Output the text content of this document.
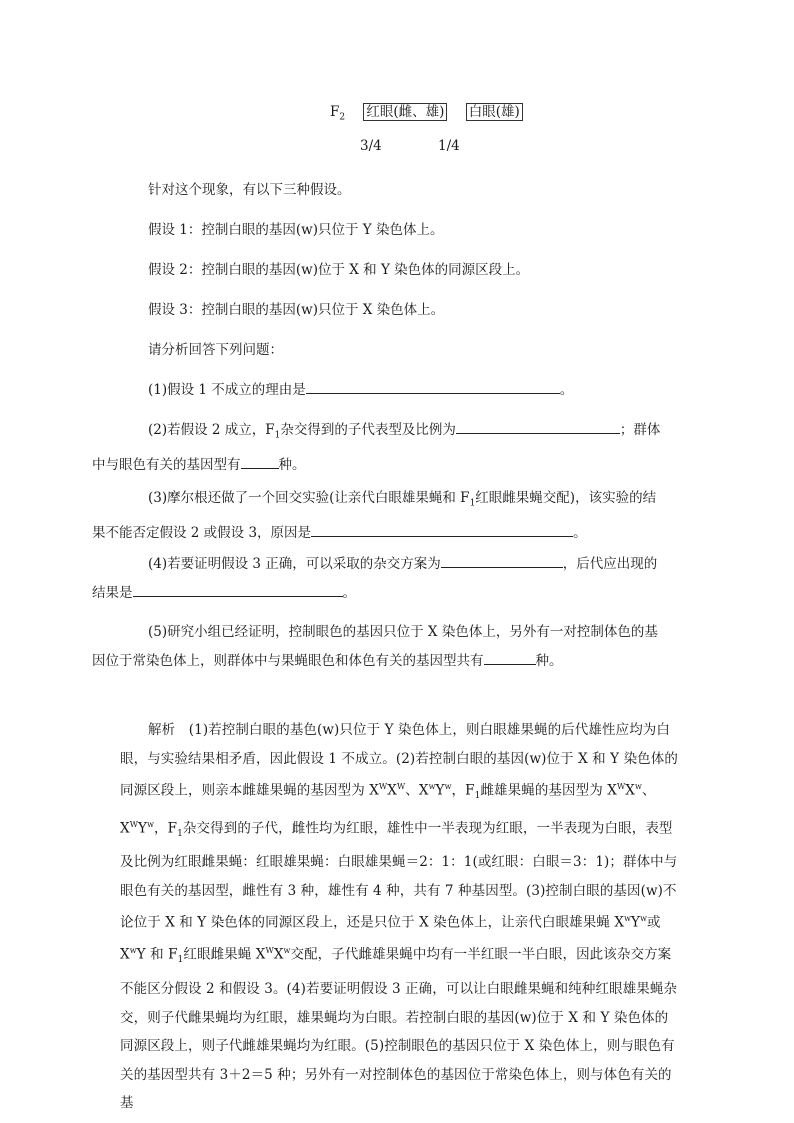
$F_2$ 红眼(雌、雄) 白眼(雄)
3/4	1/4
针对这个现象，有以下三种假设。
假设 1：控制白眼的基因(w)只位于 Y 染色体上。
假设 2：控制白眼的基因(w)位于 X 和 Y 染色体的同源区段上。
假设 3：控制白眼的基因(w)只位于 X 染色体上。
请分析回答下列问题：
(1)假设 1 不成立的理由是	。
(2)若假设 2 成立，$F_1$杂交得到的子代表型及比例为	；群体
中与眼色有关的基因型有	种。
(3)摩尔根还做了一个回交实验(让亲代白眼雄果蝇和 $F_1$红眼雌果蝇交配)，该实验的结
果不能否定假设 2 或假设 3，原因是	。
(4)若要证明假设 3 正确，可以采取的杂交方案为	，后代应出现的
结果是	。
(5)研究小组已经证明，控制眼色的基因只位于 X 染色体上，另外有一对控制体色的基
因位于常染色体上，则群体中与果蝇眼色和体色有关的基因型共有	种。
解析　(1)若控制白眼的基色(w)只位于 Y 染色体上，则白眼雄果蝇的后代雄性应均为白眼，与实验结果相矛盾，因此假设 1 不成立。(2)若控制白眼的基因(w)位于 X 和 Y 染色体的同源区段上，则亲本雌雄果蝇的基因型为 $X^WX^W$、$X^wY^w$，$F_1$雌雄果蝇的基因型为 $X^WX^w$、$X^WY^w$，$F_1$杂交得到的子代，雌性均为红眼，雄性中一半表现为红眼，一半表现为白眼，表型及比例为红眼雌果蝇：红眼雄果蝇：白眼雄果蝇＝2：1：1(或红眼：白眼＝3：1)；群体中与眼色有关的基因型，雌性有 3 种，雄性有 4 种，共有 7 种基因型。(3)控制白眼的基因(w)不论位于 X 和 Y 染色体的同源区段上，还是只位于 X 染色体上，让亲代白眼雄果蝇 $X^wY^w$或 $X^wY$ 和 $F_1$红眼雌果蝇 $X^WX^w$交配，子代雌雄果蝇中均有一半红眼一半白眼，因此该杂交方案不能区分假设 2 和假设 3。(4)若要证明假设 3 正确，可以让白眼雌果蝇和纯种红眼雄果蝇杂交，则子代雌果蝇均为红眼，雄果蝇均为白眼。若控制白眼的基因(w)位于 X 和 Y 染色体的同源区段上，则子代雌雄果蝇均为红眼。(5)控制眼色的基因只位于 X 染色体上，则与眼色有关的基因型共有 3＋2＝5 种；另外有一对控制体色的基因位于常染色体上，则与体色有关的基
